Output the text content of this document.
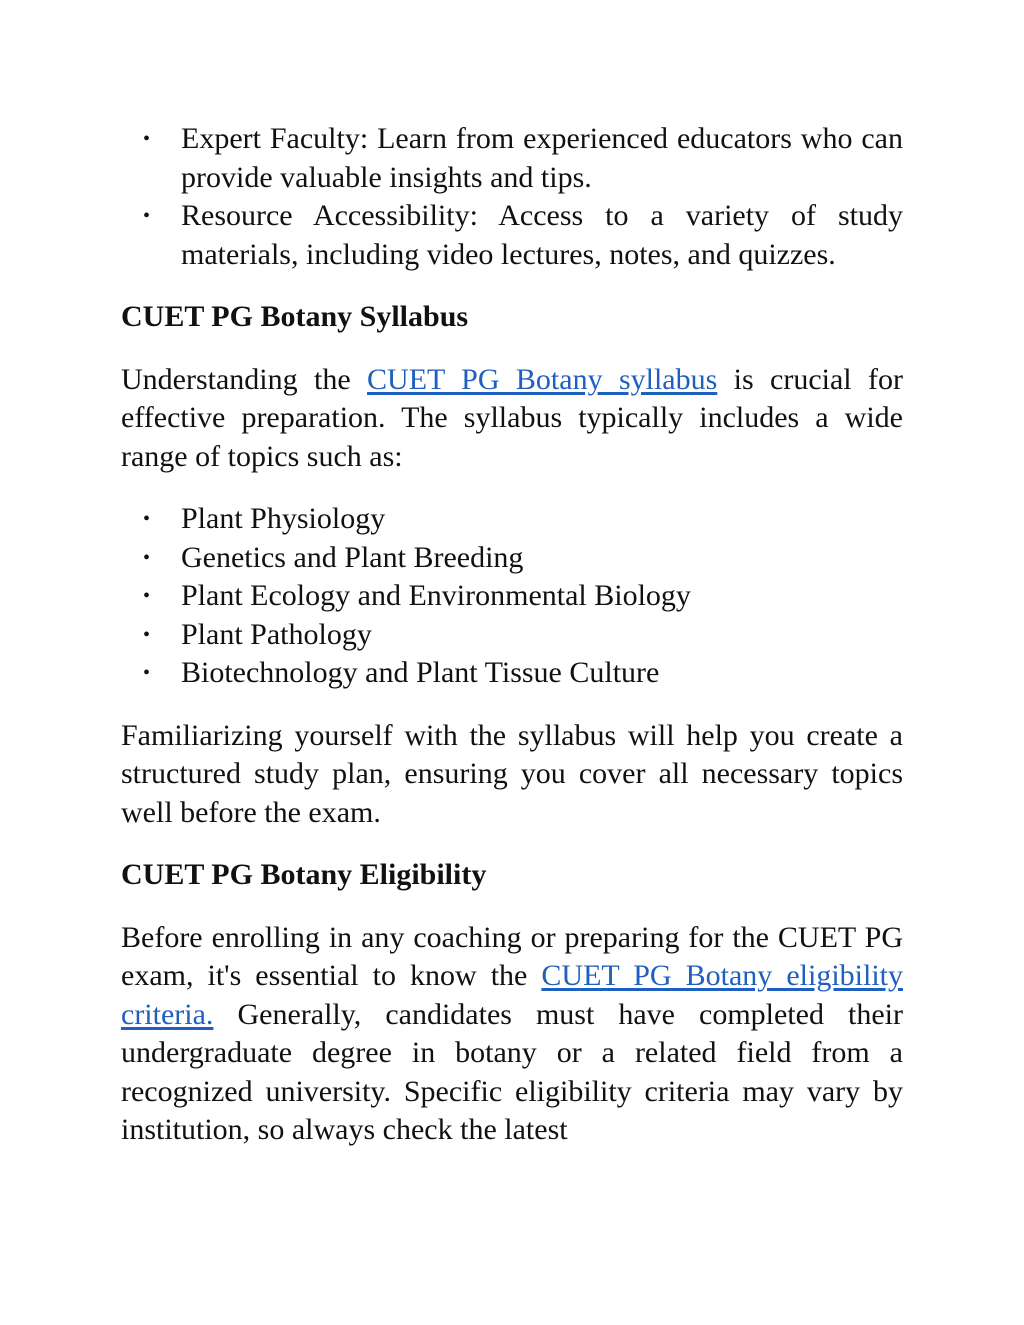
• Expert Faculty: Learn from experienced educators who can provide valuable insights and tips.
• Resource Accessibility: Access to a variety of study materials, including video lectures, notes, and quizzes.
CUET PG Botany Syllabus

Understanding the CUET PG Botany syllabus is crucial for effective preparation. The syllabus typically includes a wide range of topics such as:

• Plant Physiology
• Genetics and Plant Breeding
• Plant Ecology and Environmental Biology
• Plant Pathology
• Biotechnology and Plant Tissue Culture

Familiarizing yourself with the syllabus will help you create a structured study plan, ensuring you cover all necessary topics well before the exam.

CUET PG Botany Eligibility

Before enrolling in any coaching or preparing for the CUET PG exam, it's essential to know the CUET PG Botany eligibility criteria. Generally, candidates must have completed their undergraduate degree in botany or a related field from a recognized university. Specific eligibility criteria may vary by institution, so always check the latest
